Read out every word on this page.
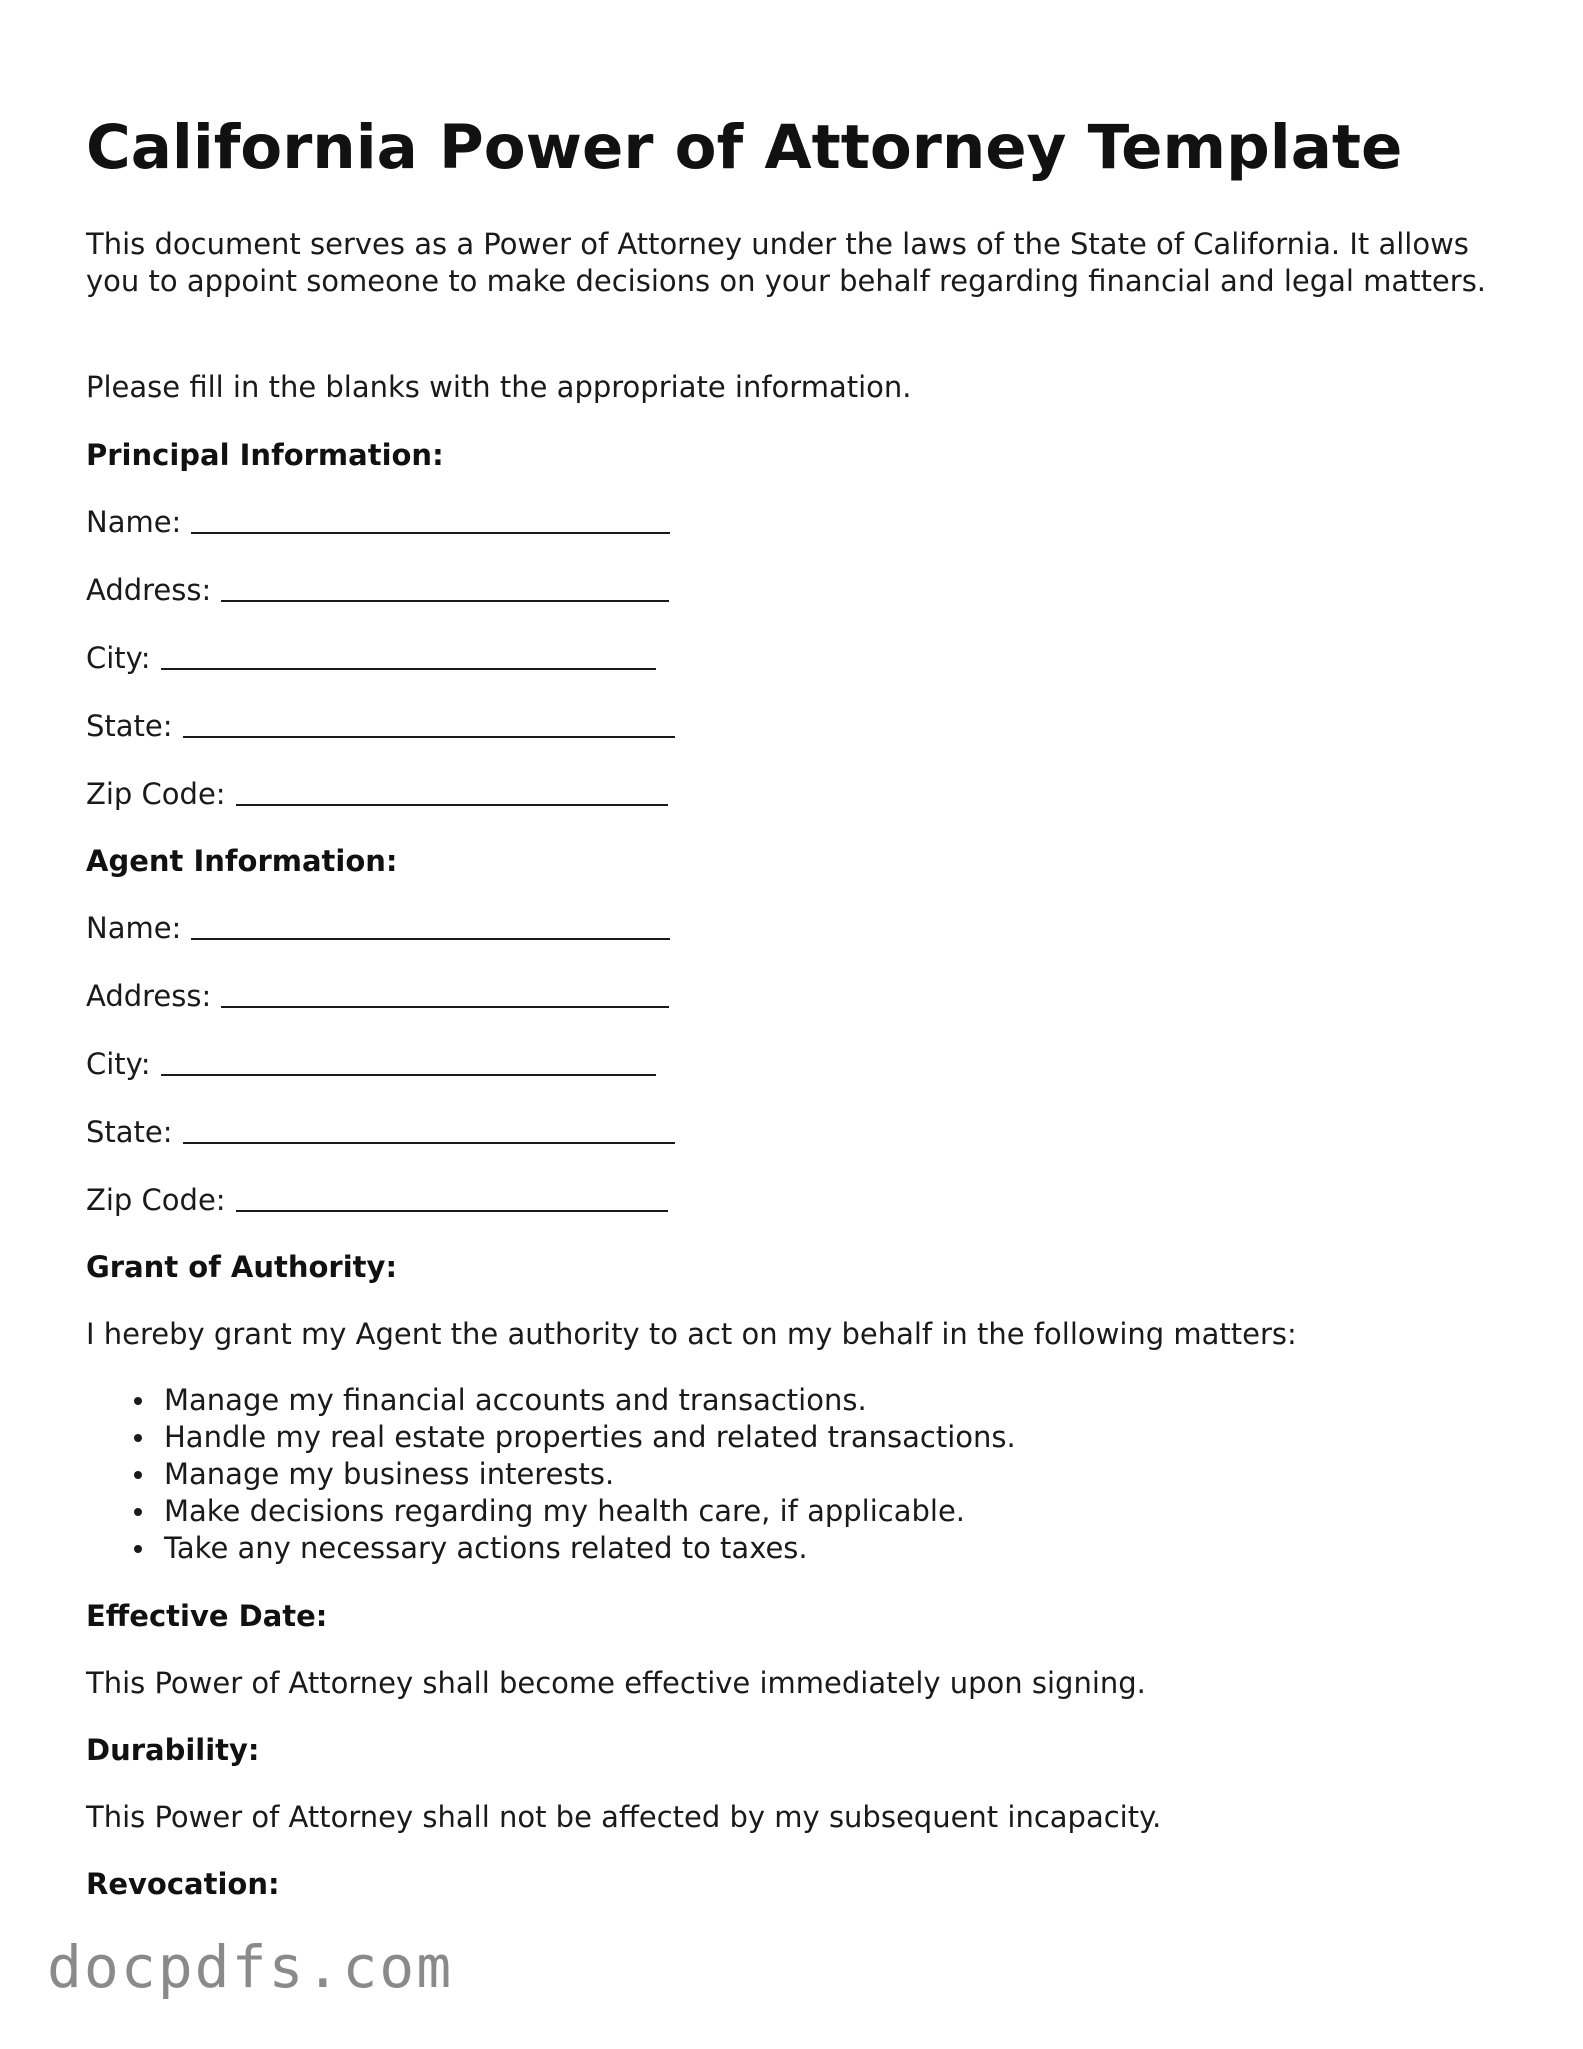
California Power of Attorney Template

This document serves as a Power of Attorney under the laws of the State of California. It allows you to appoint someone to make decisions on your behalf regarding financial and legal matters.

Please fill in the blanks with the appropriate information.

Principal Information:
Name:
Address:
City:
State:
Zip Code:
Agent Information:
Name:
Address:
City:
State:
Zip Code:
Grant of Authority:

I hereby grant my Agent the authority to act on my behalf in the following matters:

Manage my financial accounts and transactions.
Handle my real estate properties and related transactions.
Manage my business interests.
Make decisions regarding my health care, if applicable.
Take any necessary actions related to taxes.
Effective Date:

This Power of Attorney shall become effective immediately upon signing.

Durability:

This Power of Attorney shall not be affected by my subsequent incapacity.

Revocation:
docpdfs.com
